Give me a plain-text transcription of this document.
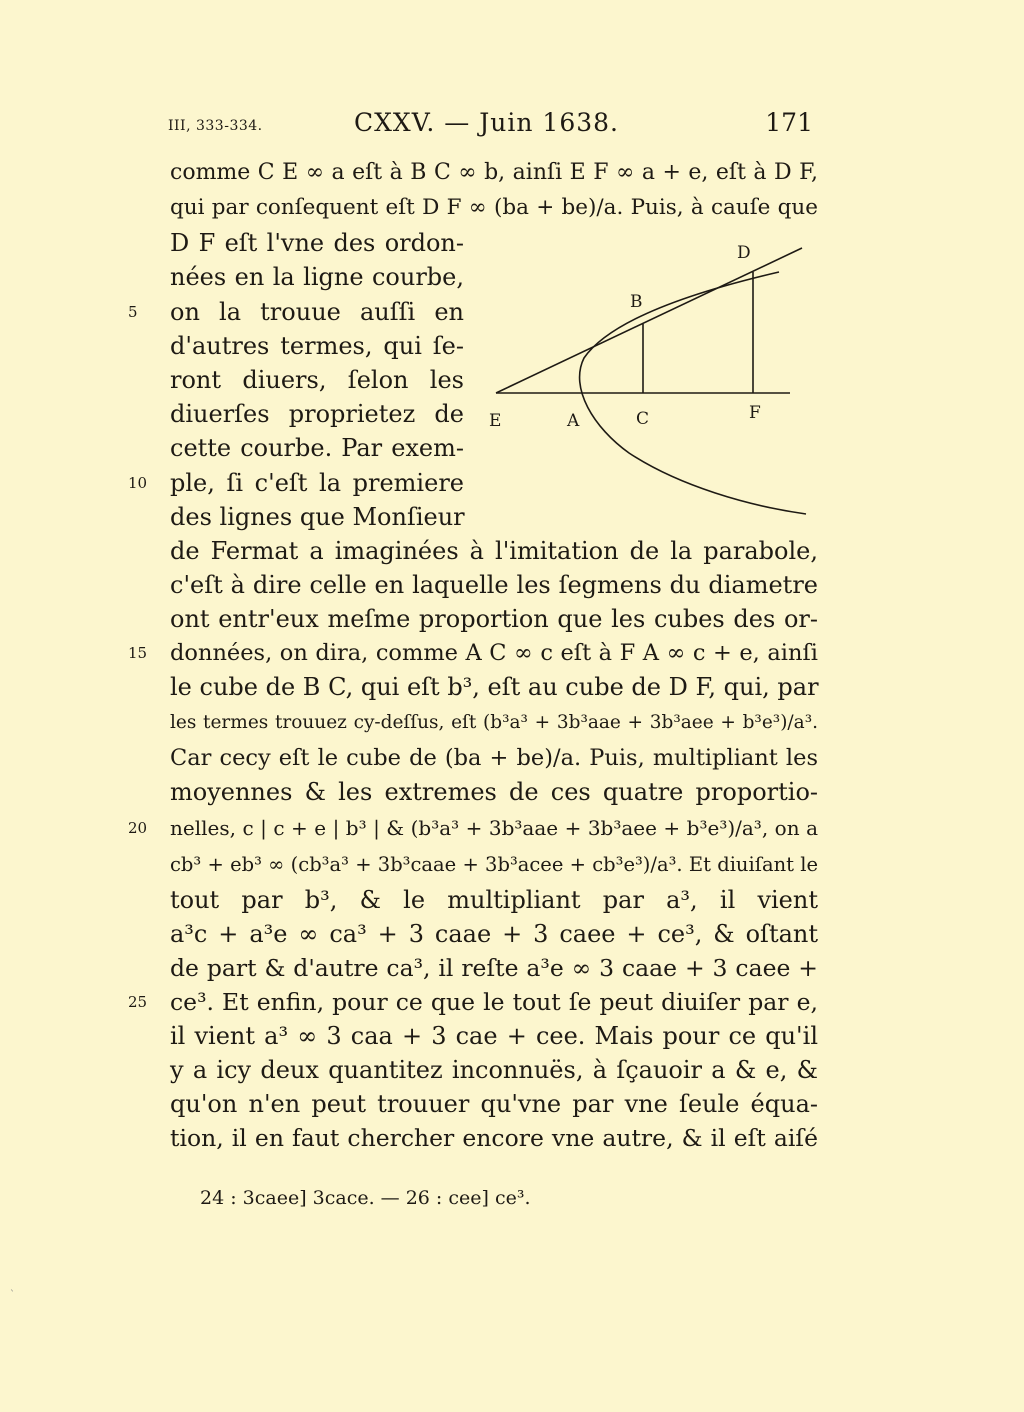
III, 333-334.	CXXV. — Juin 1638.	171
comme C E ∞ a eſt à B C ∞ b, ainſi E F ∞ a + e, eſt à D F,
qui par conſequent eſt D F ∞ (ba + be)/a. Puis, à cauſe que
D F eſt l'vne des ordon-
nées en la ligne courbe,
on la trouue auſſi en
d'autres termes, qui ſe-
ront diuers, ſelon les
diuerſes proprietez de
cette courbe. Par exem-
ple, ſi c'eſt la premiere
des lignes que Monſieur
de Fermat a imaginées à l'imitation de la parabole,
c'eſt à dire celle en laquelle les ſegmens du diametre
ont entr'eux meſme proportion que les cubes des or-
données, on dira, comme A C ∞ c eſt à F A ∞ c + e, ainſi
le cube de B C, qui eſt b³, eſt au cube de D F, qui, par
les termes trouuez cy-deſſus, eſt (b³a³ + 3b³aae + 3b³aee + b³e³)/a³.
Car cecy eſt le cube de (ba + be)/a. Puis, multipliant les
moyennes & les extremes de ces quatre proportio-
nelles, c | c + e | b³ | & (b³a³ + 3b³aae + 3b³aee + b³e³)/a³, on a
cb³ + eb³ ∞ (cb³a³ + 3b³caae + 3b³acee + cb³e³)/a³. Et diuiſant le
tout par b³, & le multipliant par a³, il vient
a³c + a³e ∞ ca³ + 3 caae + 3 caee + ce³, & oſtant
de part & d'autre ca³, il reſte a³e ∞ 3 caae + 3 caee +
ce³. Et enfin, pour ce que le tout ſe peut diuiſer par e,
il vient a³ ∞ 3 caa + 3 cae + cee. Mais pour ce qu'il
y a icy deux quantitez inconnuës, à ſçauoir a & e, &
qu'on n'en peut trouuer qu'vne par vne ſeule équa-
tion, il en faut chercher encore vne autre, & il eſt aiſé
5
10
15
20
25
D
B
E	A	C	F
24 : 3caee] 3cace. — 26 : cee] ce³.
`
